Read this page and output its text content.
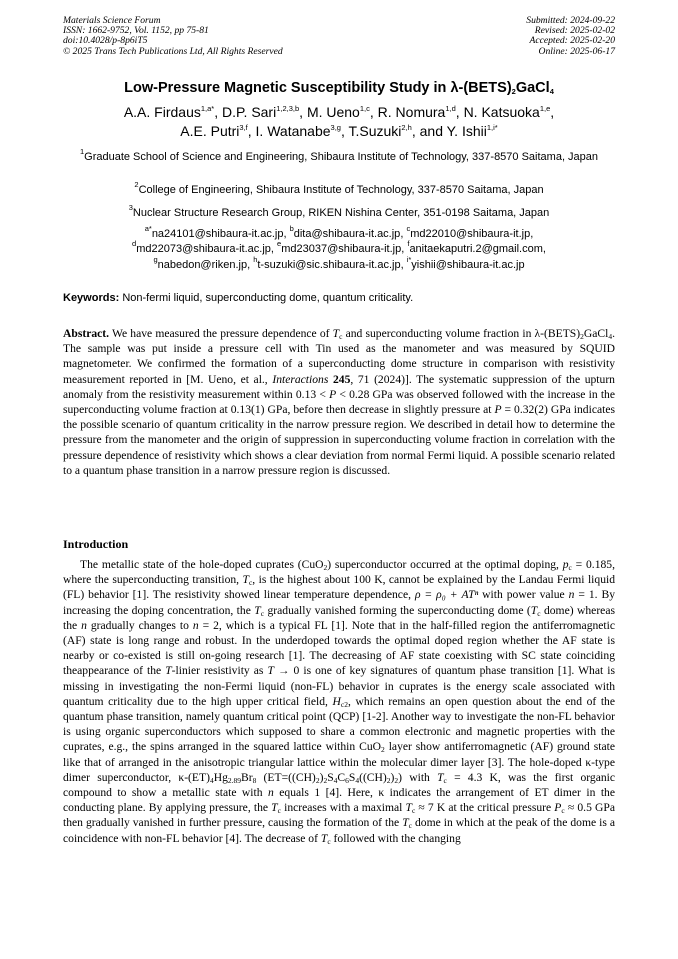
Materials Science Forum
ISSN: 1662-9752, Vol. 1152, pp 75-81
doi:10.4028/p-8p6iT5
© 2025 Trans Tech Publications Ltd, All Rights Reserved
Submitted: 2024-09-22
Revised: 2025-02-02
Accepted: 2025-02-20
Online: 2025-06-17
Low-Pressure Magnetic Susceptibility Study in $\lambda-(BETS)_2GaCl_4$
A.A. Firdaus$^{1,a*}$, D.P. Sari$^{1,2,3,b}$, M. Ueno$^{1,c}$, R. Nomura$^{1,d}$, N. Katsuoka$^{1,e}$,
A.E. Putri$^{3,f}$, I. Watanabe$^{3,g}$, T.Suzuki$^{2,h}$, and Y. Ishii$^{1,i*}$
$^1$Graduate School of Science and Engineering, Shibaura Institute of Technology, 337-8570 Saitama, Japan
$^2$College of Engineering, Shibaura Institute of Technology, 337-8570 Saitama, Japan
$^3$Nuclear Structure Research Group, RIKEN Nishina Center, 351-0198 Saitama, Japan
$^{a*}$na24101@shibaura-it.ac.jp, $^b$dita@shibaura-it.ac.jp, $^c$md22010@shibaura-it.jp,
$^d$md22073@shibaura-it.ac.jp, $^e$md23037@shibaura-it.jp, $^f$anitaekaputri.2@gmail.com,
$^g$nabedon@riken.jp, $^h$t-suzuki@sic.shibaura-it.ac.jp, $^{i*}$yishii@shibaura-it.ac.jp
Keywords: Non-fermi liquid, superconducting dome, quantum criticality.
Abstract. We have measured the pressure dependence of $T_c$ and superconducting volume fraction in $\lambda-(BETS)_2GaCl_4$. The sample was put inside a pressure cell with Tin used as the manometer and was measured by SQUID magnetometer. We confirmed the formation of a superconducting dome structure in comparison with resistivity measurement reported in [M. Ueno, et al., Interactions 245, 71 (2024)]. The systematic suppression of the upturn anomaly from the resistivity measurement within 0.13 < P < 0.28 GPa was observed followed with the increase in the superconducting volume fraction at 0.13(1) GPa, before then decrease in slightly pressure at P = 0.32(2) GPa indicates the possible scenario of quantum criticality in the narrow pressure region. We described in detail how to determine the pressure from the manometer and the origin of suppression in superconducting volume fraction in correlation with the pressure dependence of resistivity which shows a clear deviation from normal Fermi liquid. A possible scenario related to a quantum phase transition in a narrow pressure region is discussed.
Introduction
The metallic state of the hole-doped cuprates (CuO$_2$) superconductor occurred at the optimal doping, $p_c = 0.185$, where the superconducting transition, $T_c$, is the highest about 100 K, cannot be explained by the Landau Fermi liquid (FL) behavior [1]. The resistivity showed linear temperature dependence, ρ = ρ₀ + ATⁿ with power value n = 1. By increasing the doping concentration, the $T_c$ gradually vanished forming the superconducting dome ($T_c$ dome) whereas the n gradually changes to n = 2, which is a typical FL [1]. Note that in the half-filled region the antiferromagnetic (AF) state is long range and robust. In the underdoped towards the optimal doped region whether the AF state is nearby or co-existed is still on-going research [1]. The decreasing of AF state coexisting with SC state coinciding theappearance of the T-linier resistivity as T → 0 is one of key signatures of quantum phase transition [1]. What is missing in investigating the non-Fermi liquid (non-FL) behavior in cuprates is the energy scale associated with quantum criticality due to the high upper critical field, $H_{c2}$, which remains an open question about the end of the quantum phase transition, namely quantum critical point (QCP) [1-2]. Another way to investigate the non-FL behavior is using organic superconductors which supposed to share a common electronic and magnetic properties with the cuprates, e.g., the spins arranged in the squared lattice within CuO$_2$ layer show antiferromagnetic (AF) ground state like that of arranged in the anisotropic triangular lattice within the molecular dimer layer [3]. The hole-doped κ-type dimer superconductor, $\kappa-(ET)_4Hg_{2.89}Br_8$ $(ET=((CH)_2)_2S_4C_6S_4((CH)_2)_2)$ with $T_c = 4.3$ K, was the first organic compound to show a metallic state with n equals 1 [4]. Here, κ indicates the arrangement of ET dimer in the conducting plane. By applying pressure, the $T_c$ increases with a maximal $T_c \approx 7$ K at the critical pressure $P_c \approx 0.5$ GPa then gradually vanished in further pressure, causing the formation of the $T_c$ dome in which at the peak of the dome is a coincidence with non-FL behavior [4]. The decrease of $T_c$ followed with the changing
